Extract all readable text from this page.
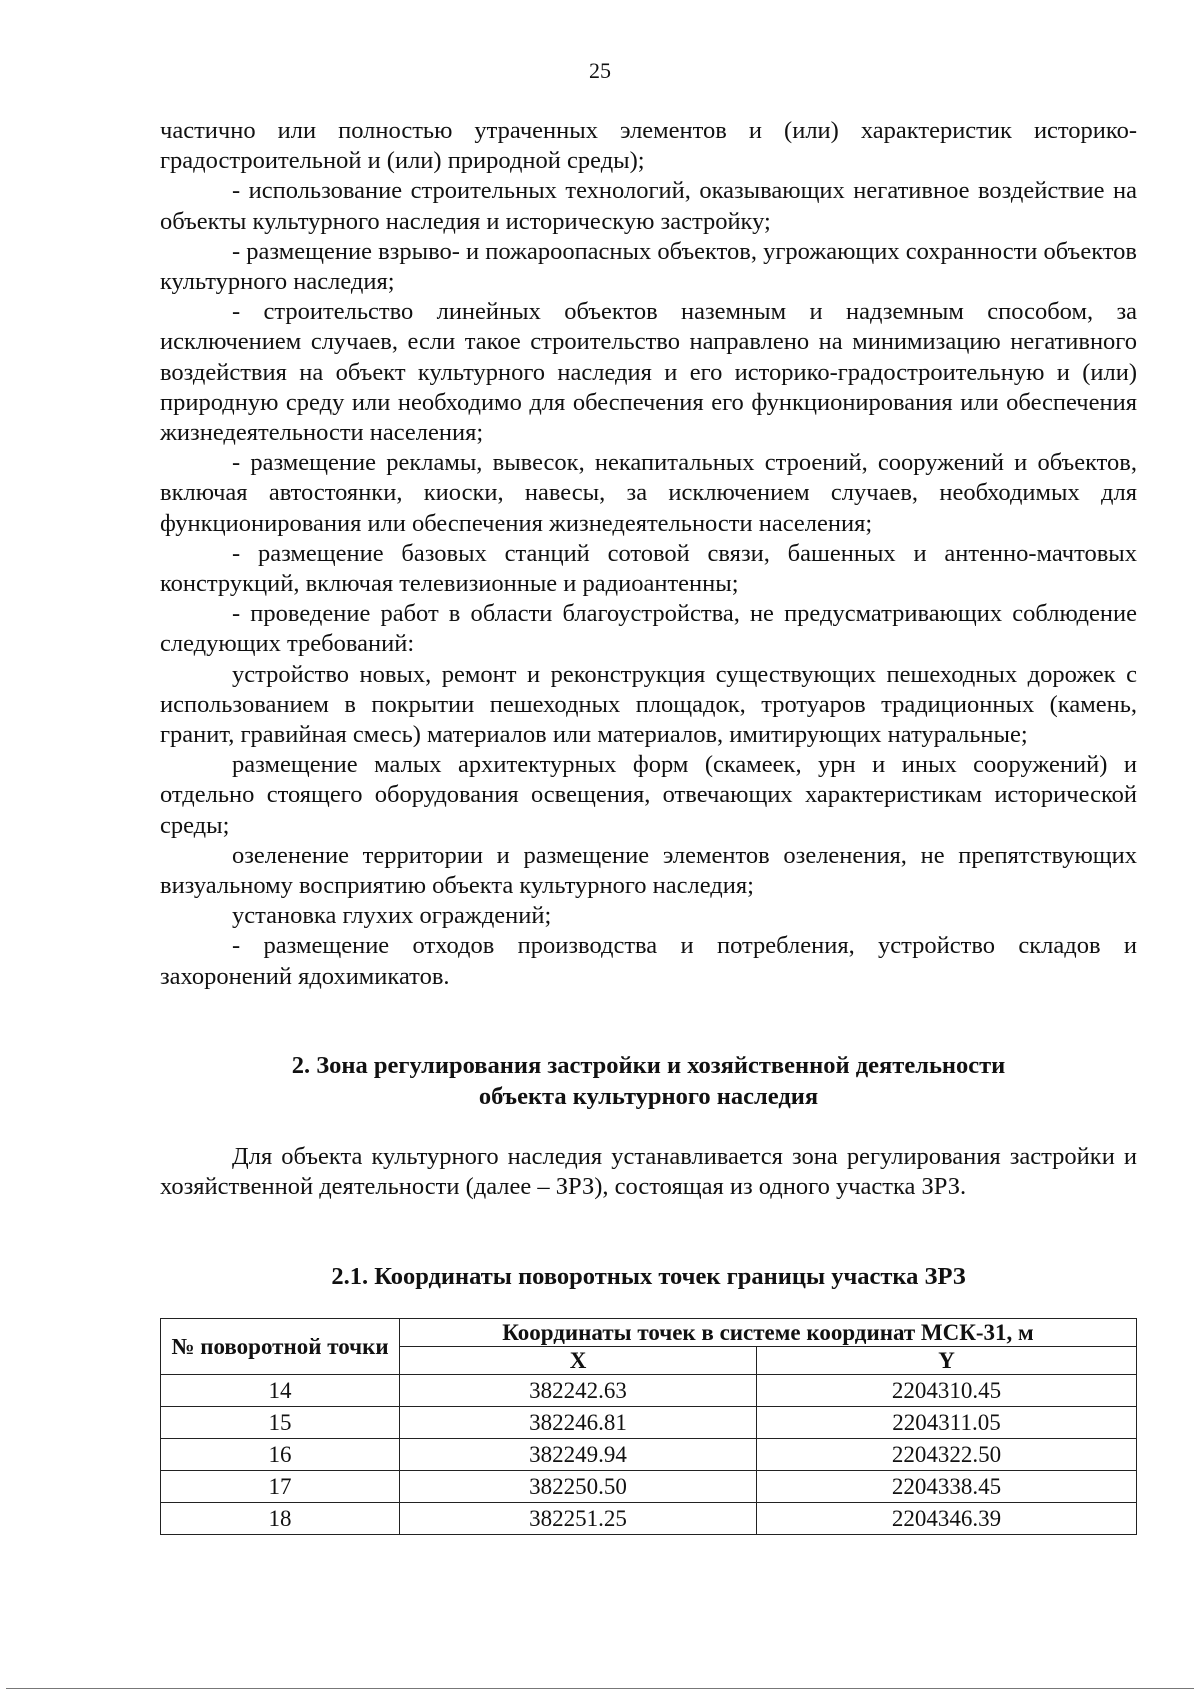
25

частично или полностью утраченных элементов и (или) характеристик историко-градостроительной и (или) природной среды);

- использование строительных технологий, оказывающих негативное воздействие на объекты культурного наследия и историческую застройку;

- размещение взрыво- и пожароопасных объектов, угрожающих сохранности объектов культурного наследия;

- строительство линейных объектов наземным и надземным способом, за исключением случаев, если такое строительство направлено на минимизацию негативного воздействия на объект культурного наследия и его историко-градостроительную и (или) природную среду или необходимо для обеспечения его функционирования или обеспечения жизнедеятельности населения;

- размещение рекламы, вывесок, некапитальных строений, сооружений и объектов, включая автостоянки, киоски, навесы, за исключением случаев, необходимых для функционирования или обеспечения жизнедеятельности населения;

- размещение базовых станций сотовой связи, башенных и антенно-мачтовых конструкций, включая телевизионные и радиоантенны;

- проведение работ в области благоустройства, не предусматривающих соблюдение следующих требований:

устройство новых, ремонт и реконструкция существующих пешеходных дорожек с использованием в покрытии пешеходных площадок, тротуаров традиционных (камень, гранит, гравийная смесь) материалов или материалов, имитирующих натуральные;

размещение малых архитектурных форм (скамеек, урн и иных сооружений) и отдельно стоящего оборудования освещения, отвечающих характеристикам исторической среды;

озеленение территории и размещение элементов озеленения, не препятствующих визуальному восприятию объекта культурного наследия;

установка глухих ограждений;

- размещение отходов производства и потребления, устройство складов и захоронений ядохимикатов.

2. Зона регулирования застройки и хозяйственной деятельности
объекта культурного наследия

Для объекта культурного наследия устанавливается зона регулирования застройки и хозяйственной деятельности (далее – ЗРЗ), состоящая из одного участка ЗРЗ.

2.1. Координаты поворотных точек границы участка ЗРЗ
№ поворотной точки	Координаты точек в системе координат МСК-31, м	
	X	Y
14	382242.63	2204310.45
15	382246.81	2204311.05
16	382249.94	2204322.50
17	382250.50	2204338.45
18	382251.25	2204346.39
